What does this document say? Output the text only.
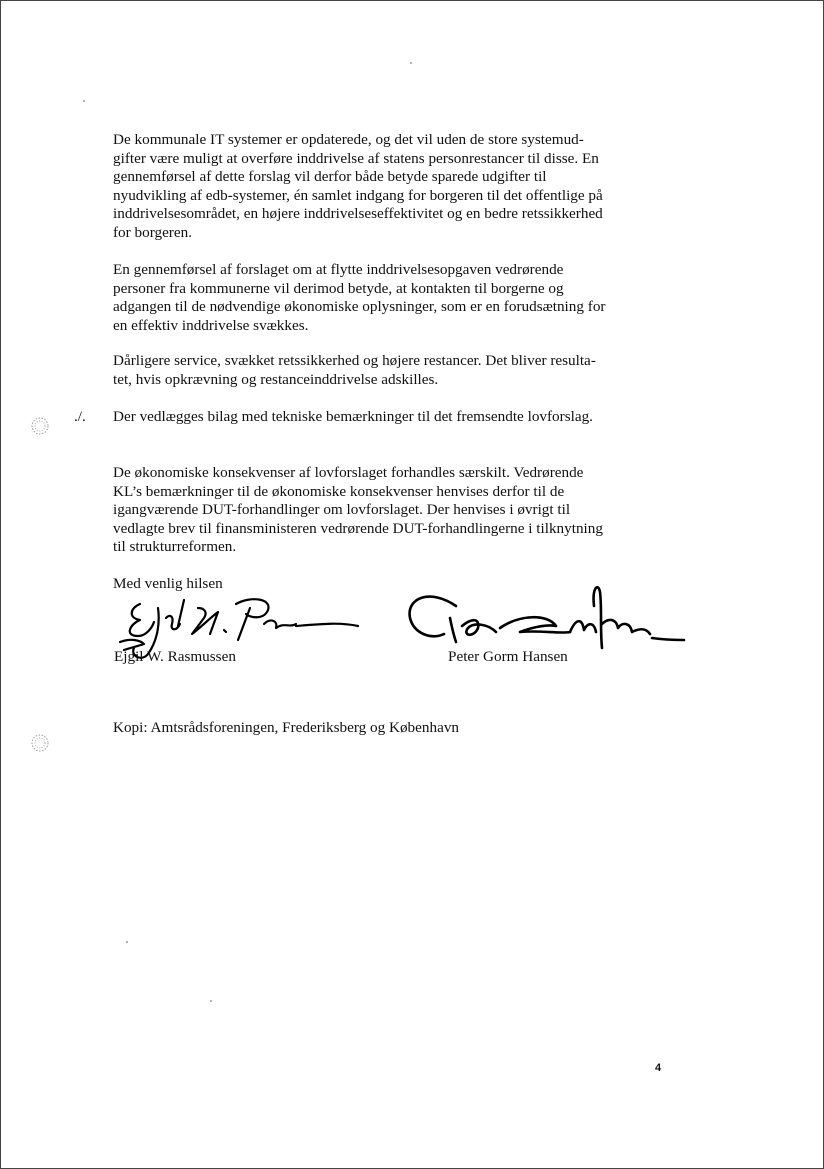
De kommunale IT systemer er opdaterede, og det vil uden de store systemudgifter være muligt at overføre inddrivelse af statens personrestancer til disse. En gennemførsel af dette forslag vil derfor både betyde sparede udgifter til nyudvikling af edb-systemer, én samlet indgang for borgeren til det offentlige på inddrivelsesområdet, en højere inddrivelseseffektivitet og en bedre retssikkerhed for borgeren.

En gennemførsel af forslaget om at flytte inddrivelsesopgaven vedrørende personer fra kommunerne vil derimod betyde, at kontakten til borgerne og adgangen til de nødvendige økonomiske oplysninger, som er en forudsætning for en effektiv inddrivelse svækkes.

Dårligere service, svækket retssikkerhed og højere restancer. Det bliver resultatet, hvis opkrævning og restanceinddrivelse adskilles.

./. Der vedlægges bilag med tekniske bemærkninger til det fremsendte lovforslag.

De økonomiske konsekvenser af lovforslaget forhandles særskilt. Vedrørende KL’s bemærkninger til de økonomiske konsekvenser henvises derfor til de igangværende DUT-forhandlinger om lovforslaget. Der henvises i øvrigt til vedlagte brev til finansministeren vedrørende DUT-forhandlingerne i tilknytning til strukturreformen.

Med venlig hilsen
Ejgil W. Rasmussen	Peter Gorm Hansen
Kopi: Amtsrådsforeningen, Frederiksberg og København
4
